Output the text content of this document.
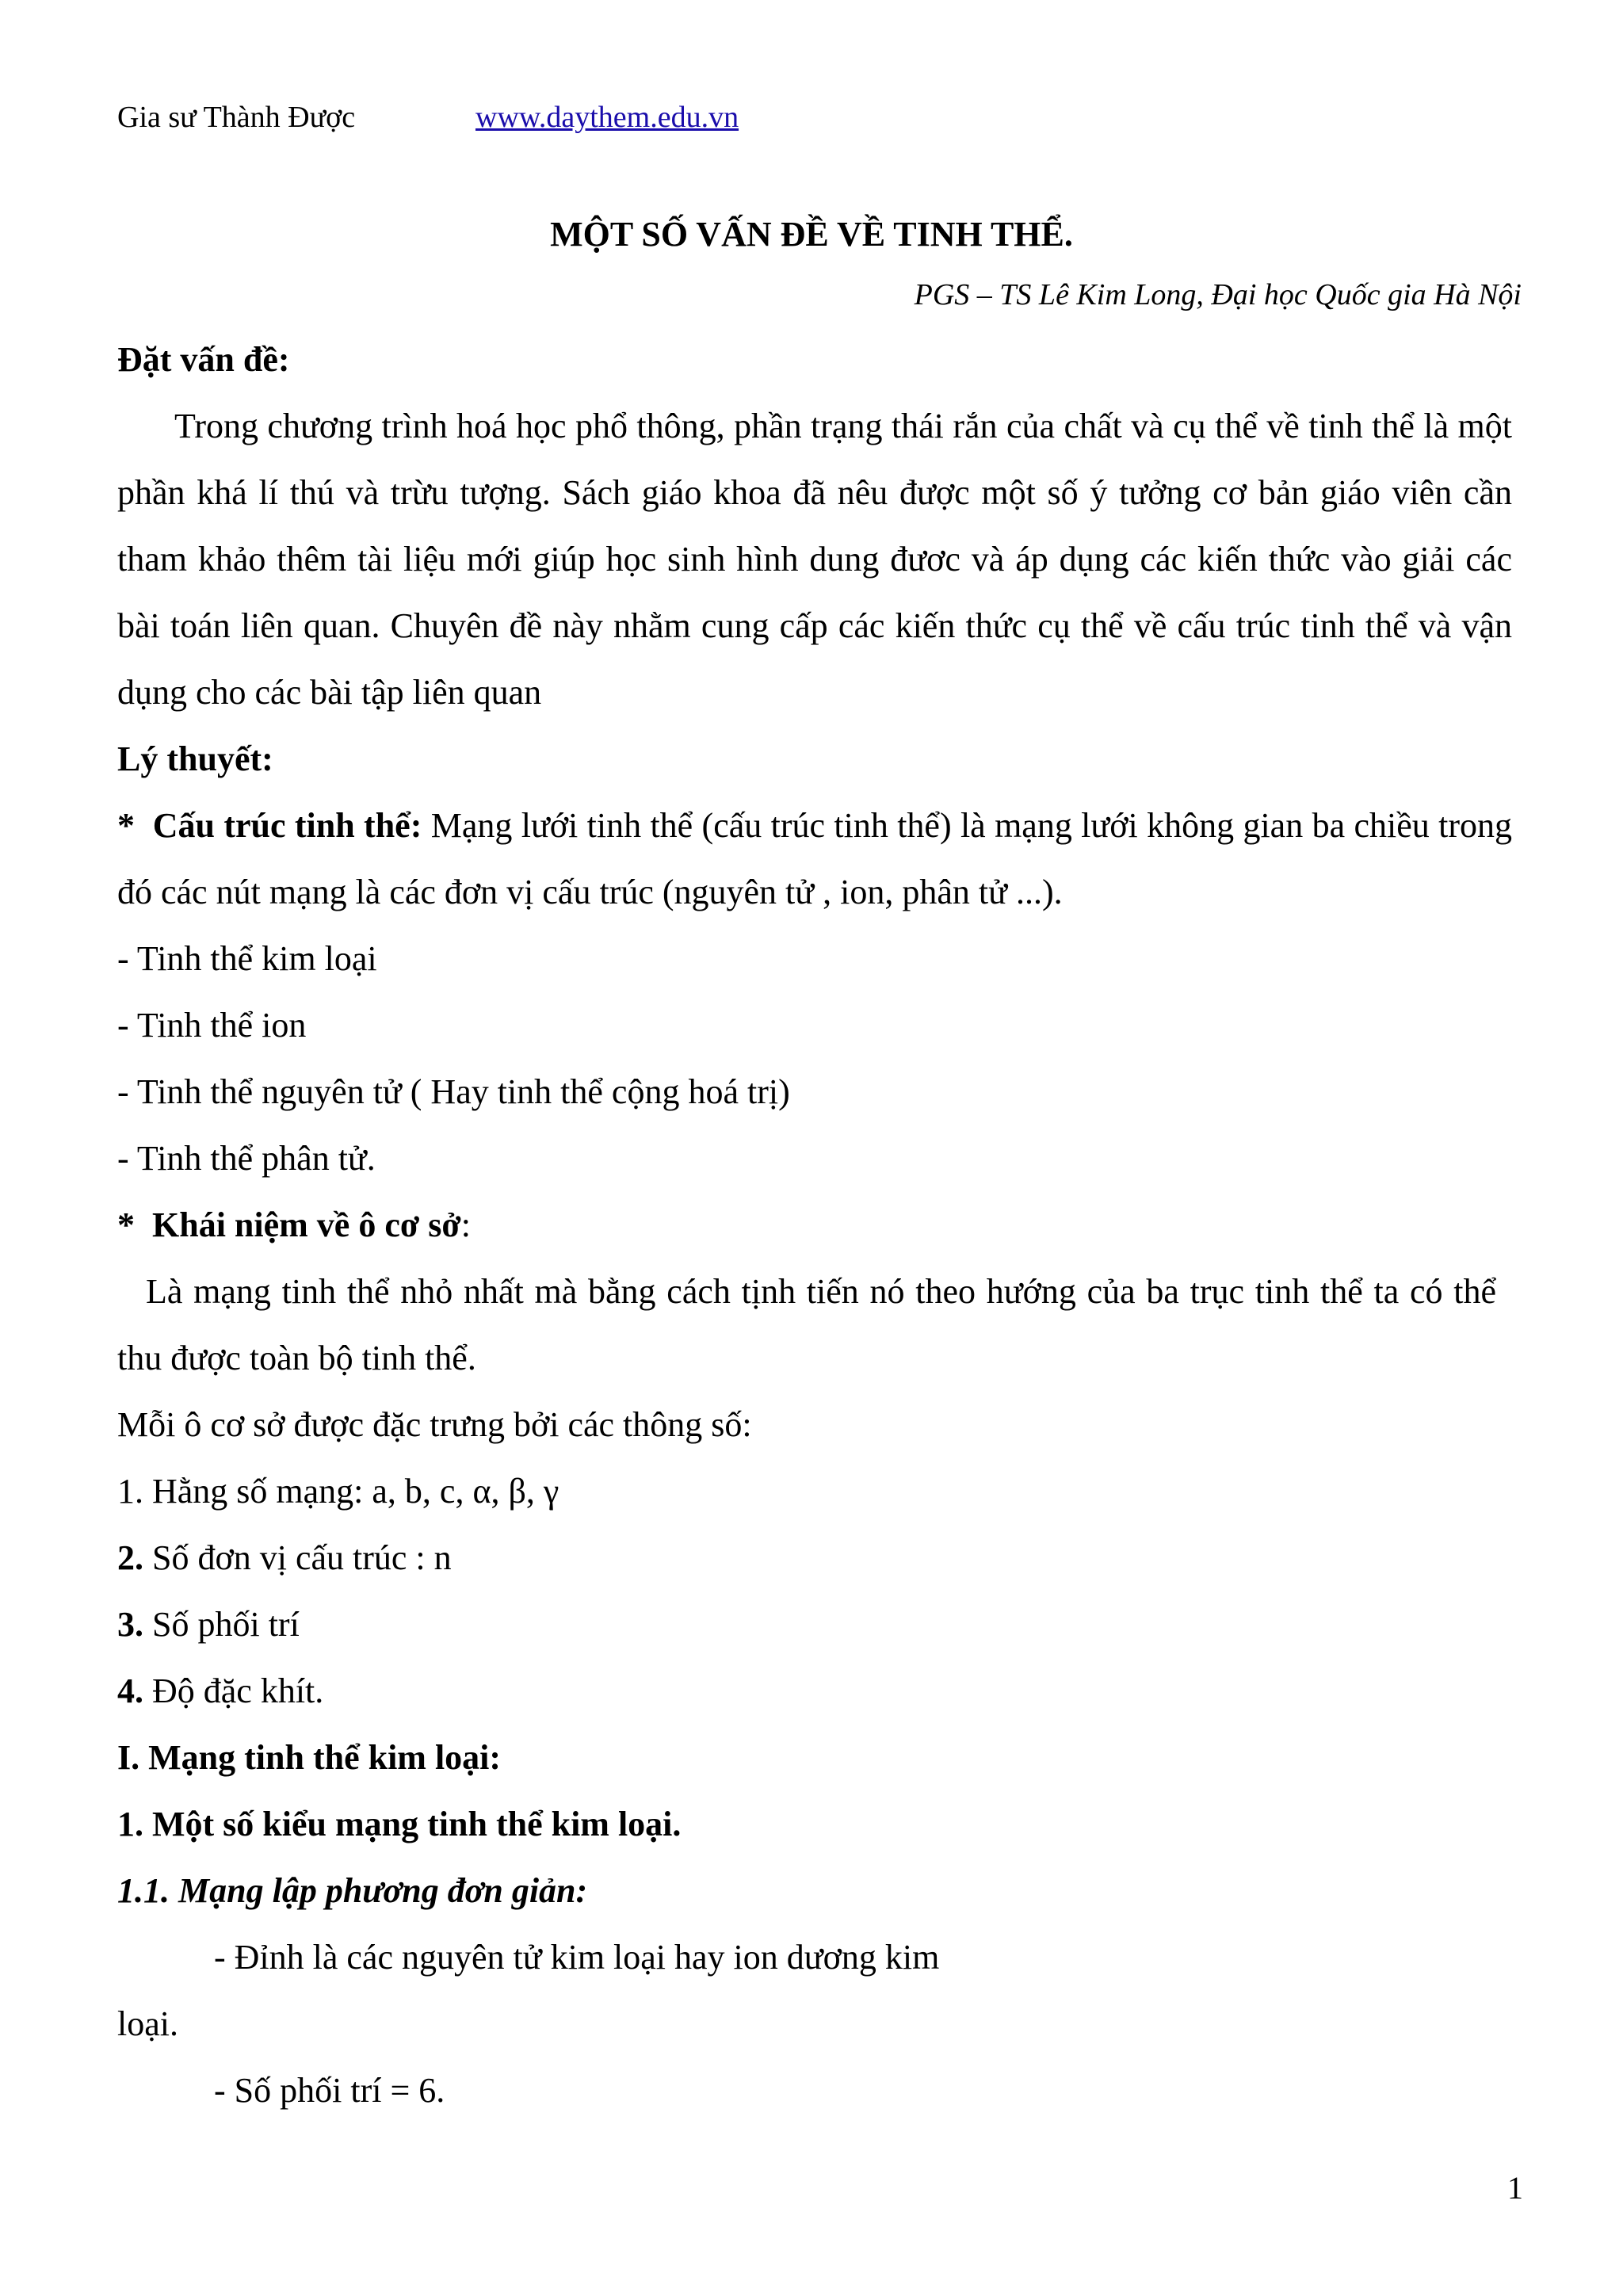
Gia sư Thành Được	www.daythem.edu.vn
MỘT SỐ VẤN ĐỀ VỀ TINH THỂ.
PGS – TS Lê Kim Long, Đại học Quốc gia Hà Nội
Đặt vấn đề:
Trong chương trình hoá học phổ thông, phần trạng thái rắn của chất và cụ thể về tinh thể là một phần khá lí thú và trừu tượng. Sách giáo khoa đã nêu được một số ý tưởng cơ bản giáo viên cần tham khảo thêm tài liệu mới giúp học sinh hình dung đươc và áp dụng các kiến thức vào giải các bài toán liên quan. Chuyên đề này nhằm cung cấp các kiến thức cụ thể về cấu trúc tinh thể và vận dụng cho các bài tập liên quan
Lý thuyết:
* Cấu trúc tinh thể: Mạng lưới tinh thể (cấu trúc tinh thể) là mạng lưới không gian ba chiều trong đó các nút mạng là các đơn vị cấu trúc (nguyên tử , ion, phân tử ...).
- Tinh thể kim loại
- Tinh thể ion
- Tinh thể nguyên tử ( Hay tinh thể cộng hoá trị)
- Tinh thể phân tử.
* Khái niệm về ô cơ sở:
Là mạng tinh thể nhỏ nhất mà bằng cách tịnh tiến nó theo hướng của ba trục tinh thể ta có thể thu được toàn bộ tinh thể.
Mỗi ô cơ sở được đặc trưng bởi các thông số:
1. Hằng số mạng: a, b, c, α, β, γ
2. Số đơn vị cấu trúc : n
3. Số phối trí
4. Độ đặc khít.
I. Mạng tinh thể kim loại:
1. Một số kiểu mạng tinh thể kim loại.
1.1. Mạng lập phương đơn giản:
- Đỉnh là các nguyên tử kim loại hay ion dương kim
loại.
- Số phối trí = 6.
1
